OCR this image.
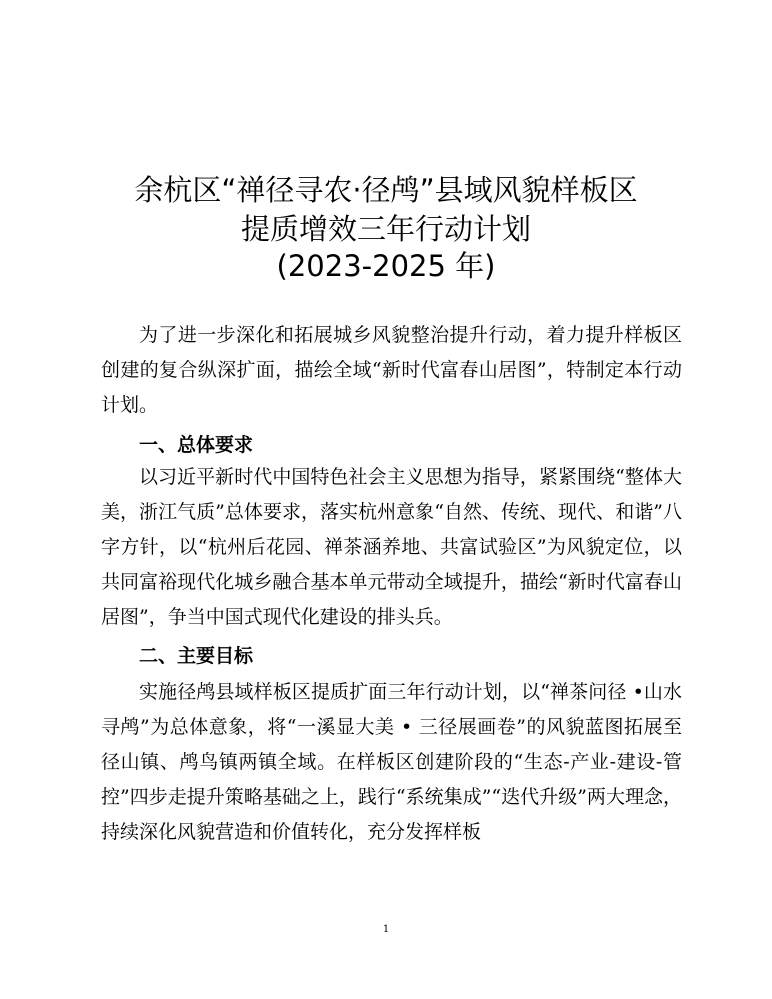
余杭区“禅径寻农·径鸬”县域风貌样板区
提质增效三年行动计划
(2023-2025 年)

为了进一步深化和拓展城乡风貌整治提升行动，着力提升样板区创建的复合纵深扩面，描绘全域“新时代富春山居图”，特制定本行动计划。

一、总体要求

以习近平新时代中国特色社会主义思想为指导，紧紧围绕“整体大美，浙江气质”总体要求，落实杭州意象“自然、传统、现代、和谐”八字方针，以“杭州后花园、禅茶涵养地、共富试验区”为风貌定位，以共同富裕现代化城乡融合基本单元带动全域提升，描绘“新时代富春山居图”，争当中国式现代化建设的排头兵。

二、主要目标

实施径鸬县域样板区提质扩面三年行动计划，以“禅茶问径 •山水寻鸬”为总体意象，将“一溪显大美 • 三径展画卷”的风貌蓝图拓展至径山镇、鸬鸟镇两镇全域。在样板区创建阶段的“生态-产业-建设-管控”四步走提升策略基础之上，践行“系统集成”“迭代升级”两大理念，持续深化风貌营造和价值转化，充分发挥样板

1
